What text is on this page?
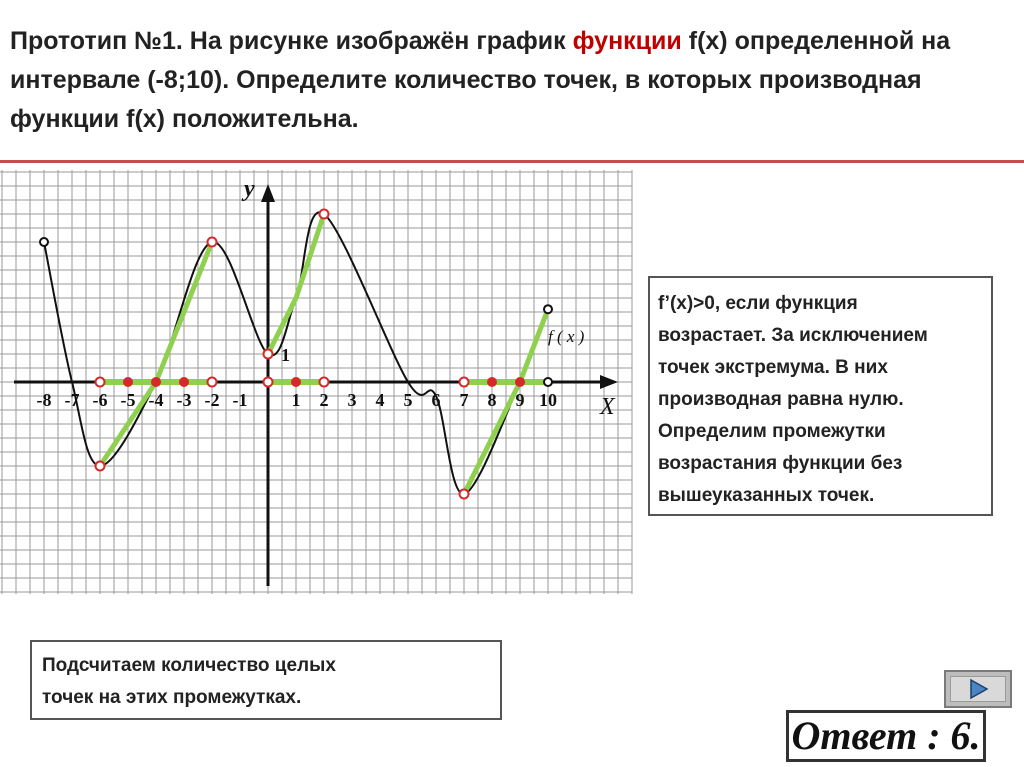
Прототип №1. На рисунке изображён график функции f(x) определенной на интервале (-8;10). Определите количество точек, в которых производная функции f(x) положительна.
-8 -7 -6 -5 -4 -3 -2 -1 1 2 3 4 5 6 7 8 9 10
y
X
f ( x )
1
f’(x)>0, если функция
возрастает. За исключением
точек экстремума. В них
производная равна нулю.
Определим промежутки
возрастания функции без
вышеуказанных точек.
Подсчитаем количество целых
точек на этих промежутках.
Ответ : 6.
